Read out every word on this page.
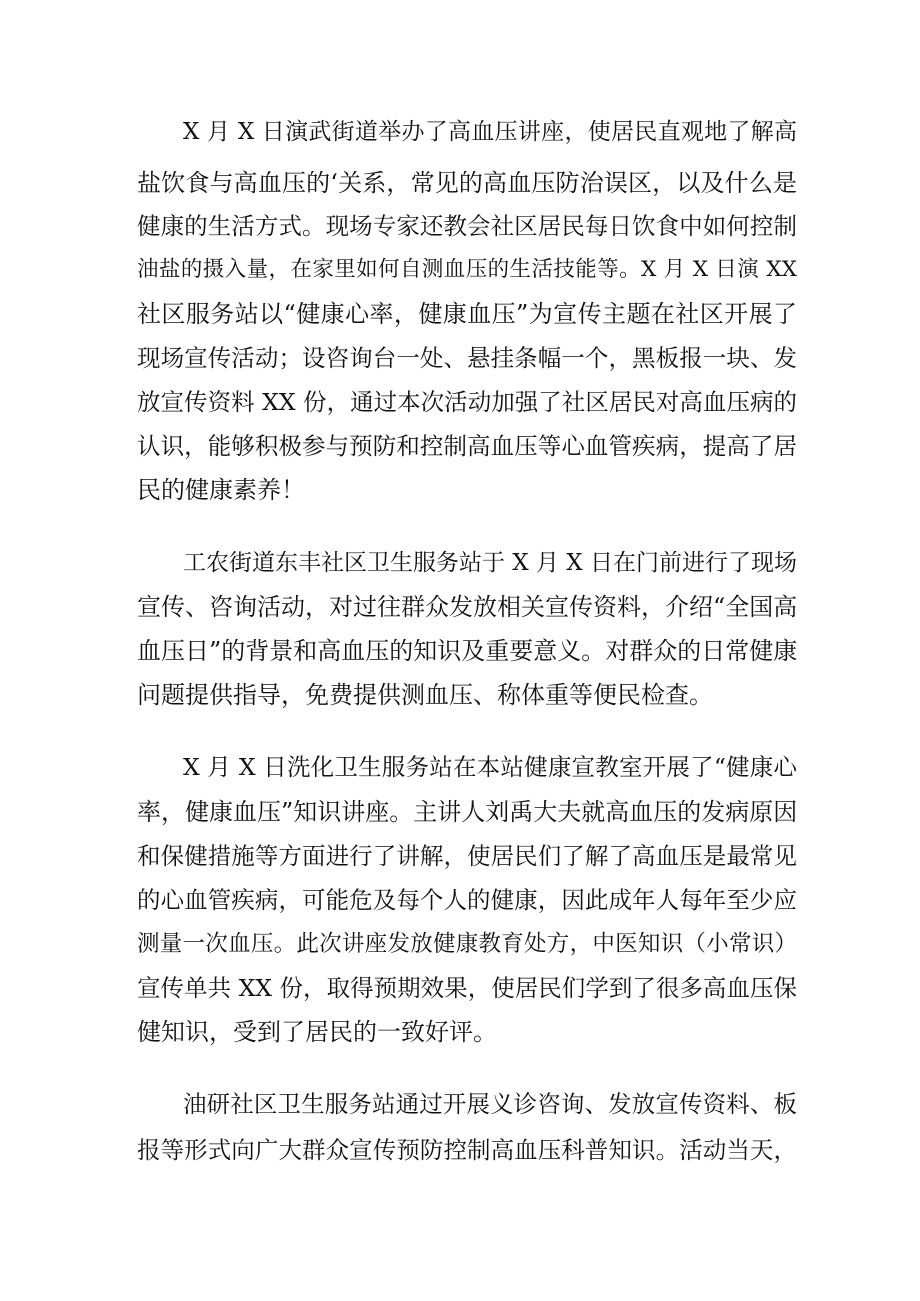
X 月 X 日演武街道举办了高血压讲座，使居民直观地了解高
盐饮食与高血压的‘关系，常见的高血压防治误区，以及什么是
健康的生活方式。现场专家还教会社区居民每日饮食中如何控制
油盐的摄入量，在家里如何自测血压的生活技能等。X 月 X 日演 XX
社区服务站以“健康心率，健康血压”为宣传主题在社区开展了
现场宣传活动；设咨询台一处、悬挂条幅一个，黑板报一块、发
放宣传资料 XX 份，通过本次活动加强了社区居民对高血压病的
认识，能够积极参与预防和控制高血压等心血管疾病，提高了居
民的健康素养！
工农街道东丰社区卫生服务站于 X 月 X 日在门前进行了现场
宣传、咨询活动，对过往群众发放相关宣传资料，介绍“全国高
血压日”的背景和高血压的知识及重要意义。对群众的日常健康
问题提供指导，免费提供测血压、称体重等便民检查。
X 月 X 日洗化卫生服务站在本站健康宣教室开展了“健康心
率，健康血压”知识讲座。主讲人刘禹大夫就高血压的发病原因
和保健措施等方面进行了讲解，使居民们了解了高血压是最常见
的心血管疾病，可能危及每个人的健康，因此成年人每年至少应
测量一次血压。此次讲座发放健康教育处方，中医知识（小常识）
宣传单共 XX 份，取得预期效果，使居民们学到了很多高血压保
健知识，受到了居民的一致好评。
油研社区卫生服务站通过开展义诊咨询、发放宣传资料、板
报等形式向广大群众宣传预防控制高血压科普知识。活动当天，
